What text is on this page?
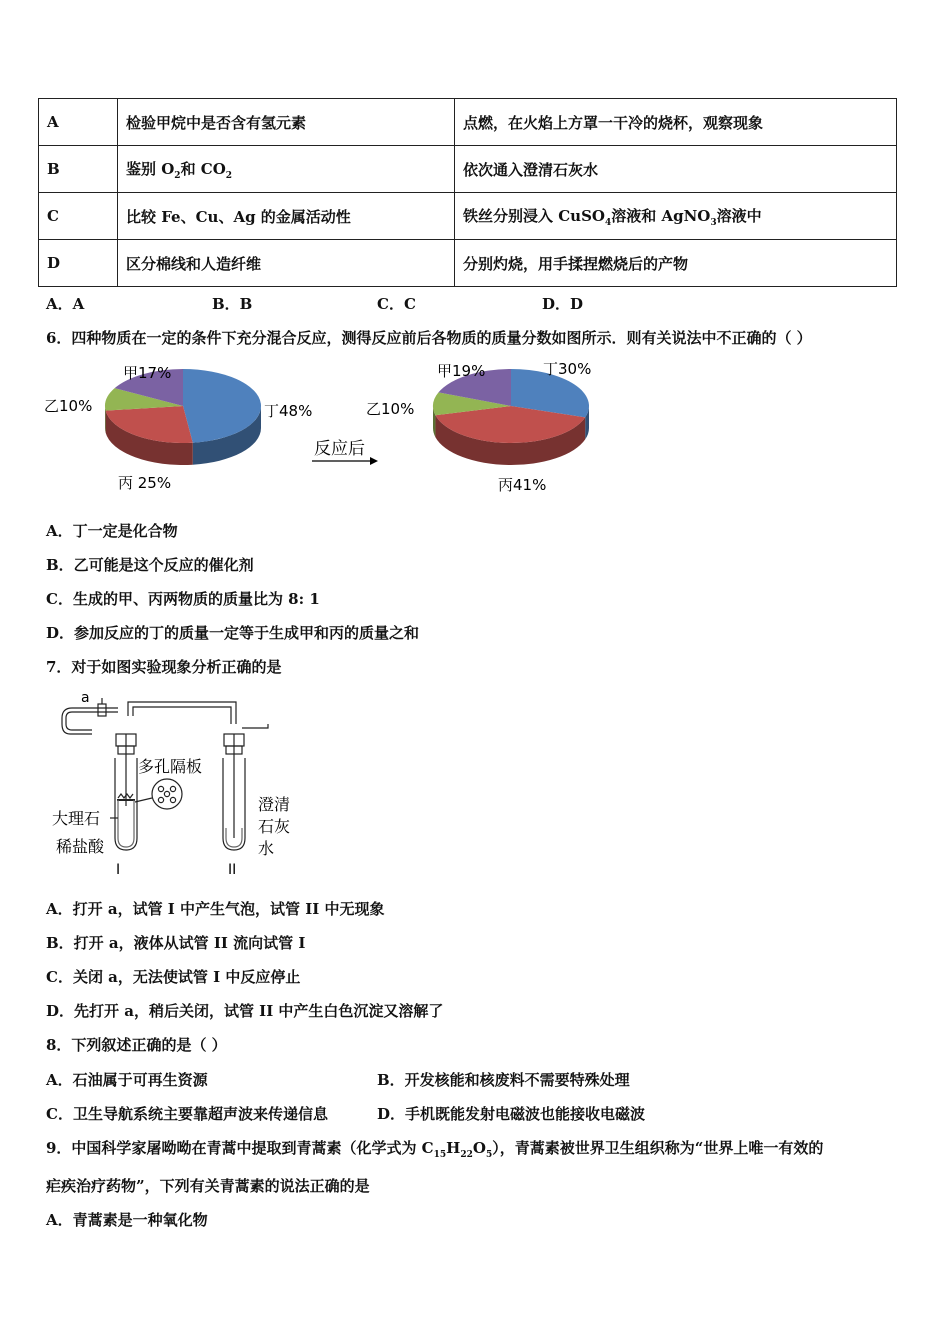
A	检验甲烷中是否含有氢元素	点燃，在火焰上方罩一干冷的烧杯，观察现象
B	鉴别 $O_2$和 $CO_2$	依次通入澄清石灰水
C	比较 Fe、Cu、Ag 的金属活动性	铁丝分别浸入 CuSO$_4$溶液和 AgNO$_3$溶液中
D	区分棉线和人造纤维	分别灼烧，用手揉捏燃烧后的产物
A．A	B．B	C．C	D．D
6．四种物质在一定的条件下充分混合反应，测得反应前后各物质的质量分数如图所示．则有关说法中不正确的（ ）
甲17%
乙10%
丙 25%
丁48%
反应后
甲19%
乙10%
丙41%
丁30%
A．丁一定是化合物
B．乙可能是这个反应的催化剂
C．生成的甲、丙两物质的质量比为 8: 1
D．参加反应的丁的质量一定等于生成甲和丙的质量之和
7．对于如图实验现象分析正确的是
a
多孔隔板
大理石
稀盐酸
澄清
石灰
水
I	II
A．打开 a，试管 I 中产生气泡，试管 II 中无现象
B．打开 a，液体从试管 II 流向试管 I
C．关闭 a，无法使试管 I 中反应停止
D．先打开 a，稍后关闭，试管 II 中产生白色沉淀又溶解了
8．下列叙述正确的是（ ）
A．石油属于可再生资源	B．开发核能和核废料不需要特殊处理
C．卫生导航系统主要靠超声波来传递信息	D．手机既能发射电磁波也能接收电磁波
9．中国科学家屠呦呦在青蒿中提取到青蒿素（化学式为 $C_{15}H_{22}O_5$），青蒿素被世界卫生组织称为“世界上唯一有效的
疟疾治疗药物”，下列有关青蒿素的说法正确的是
A．青蒿素是一种氧化物
